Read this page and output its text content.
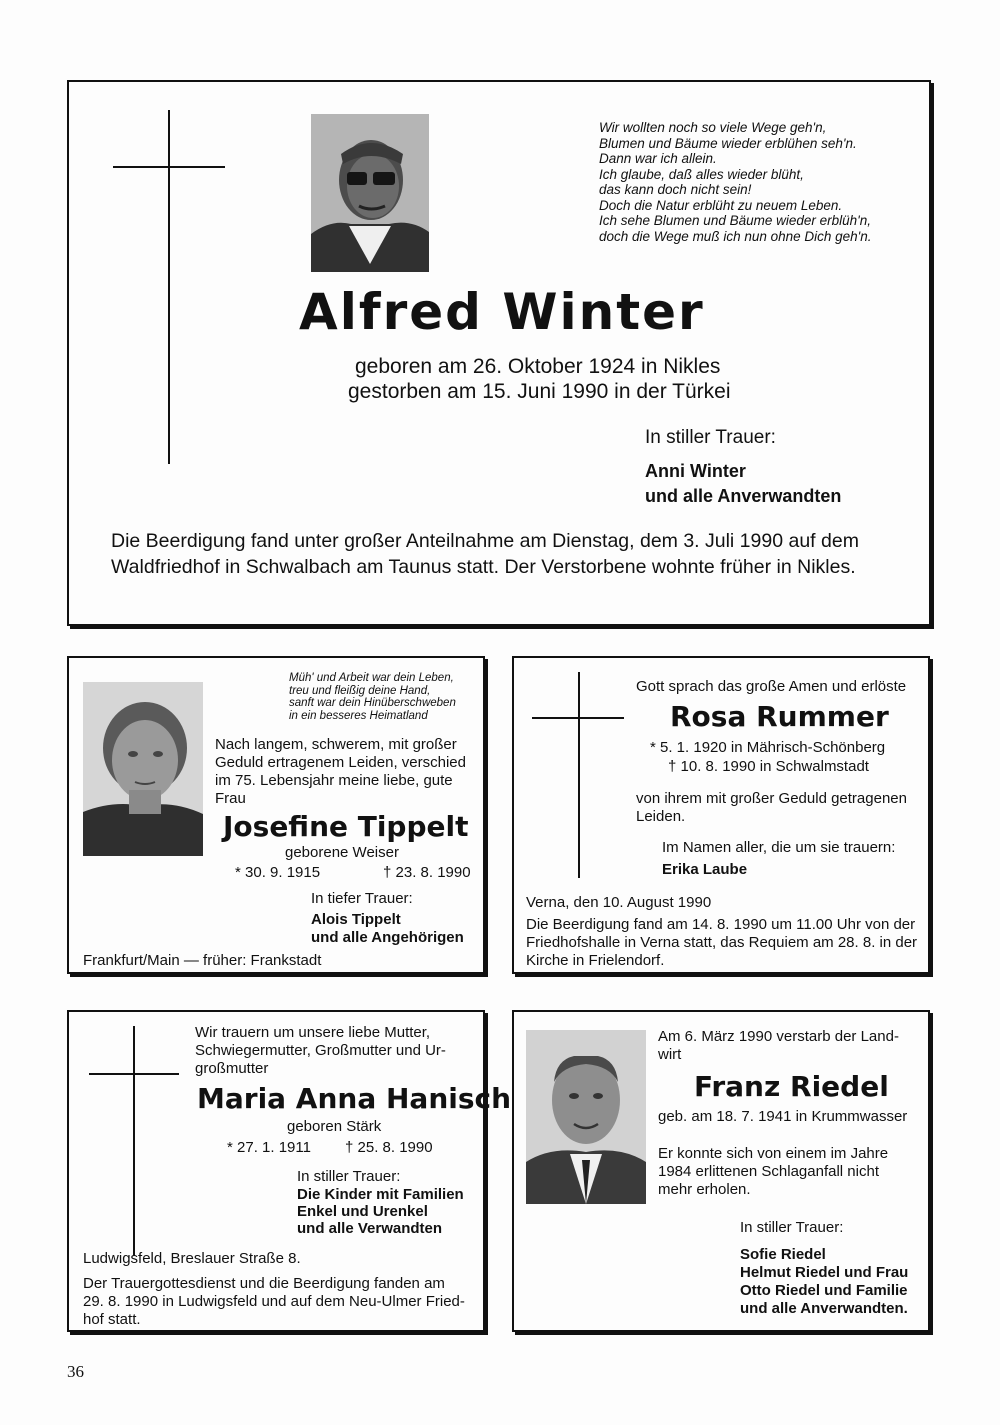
Wir wollten noch so viele Wege geh'n,
Blumen und Bäume wieder erblühen seh'n.
Dann war ich allein.
Ich glaube, daß alles wieder blüht,
das kann doch nicht sein!
Doch die Natur erblüht zu neuem Leben.
Ich sehe Blumen und Bäume wieder erblüh'n,
doch die Wege muß ich nun ohne Dich geh'n.
Alfred Winter
geboren am 26. Oktober 1924 in Nikles
gestorben am 15. Juni 1990 in der Türkei
In stiller Trauer:
Anni Winter
und alle Anverwandten
Die Beerdigung fand unter großer Anteilnahme am Dienstag, dem 3. Juli 1990 auf dem Waldfriedhof in Schwalbach am Taunus statt. Der Verstorbene wohnte früher in Nikles.
Müh' und Arbeit war dein Leben,
treu und fleißig deine Hand,
sanft war dein Hinüberschweben
in ein besseres Heimatland
Nach langem, schwerem, mit großer Geduld ertragenem Leiden, verschied im 75. Lebensjahr meine liebe, gute Frau
Josefine Tippelt
geborene Weiser
* 30. 9. 1915	† 23. 8. 1990
In tiefer Trauer:
Alois Tippelt
und alle Angehörigen
Frankfurt/Main — früher: Frankstadt
Gott sprach das große Amen und erlöste
Rosa Rummer
* 5. 1. 1920 in Mährisch-Schönberg
† 10. 8. 1990 in Schwalmstadt
von ihrem mit großer Geduld getragenen Leiden.
Im Namen aller, die um sie trauern:
Erika Laube
Verna, den 10. August 1990
Die Beerdigung fand am 14. 8. 1990 um 11.00 Uhr von der Friedhofshalle in Verna statt, das Requiem am 28. 8. in der Kirche in Frielendorf.
Wir trauern um unsere liebe Mutter,
Schwiegermutter, Großmutter und Ur-
großmutter
Maria Anna Hanisch
geboren Stärk
* 27. 1. 1911 † 25. 8. 1990
In stiller Trauer:
Die Kinder mit Familien
Enkel und Urenkel
und alle Verwandten
Ludwigsfeld, Breslauer Straße 8.
Der Trauergottesdienst und die Beerdigung fanden am
29. 8. 1990 in Ludwigsfeld und auf dem Neu-Ulmer Fried-
hof statt.
Am 6. März 1990 verstarb der Land-
wirt
Franz Riedel
geb. am 18. 7. 1941 in Krummwasser
Er konnte sich von einem im Jahre
1984 erlittenen Schlaganfall nicht
mehr erholen.
In stiller Trauer:
Sofie Riedel
Helmut Riedel und Frau
Otto Riedel und Familie
und alle Anverwandten.
36
